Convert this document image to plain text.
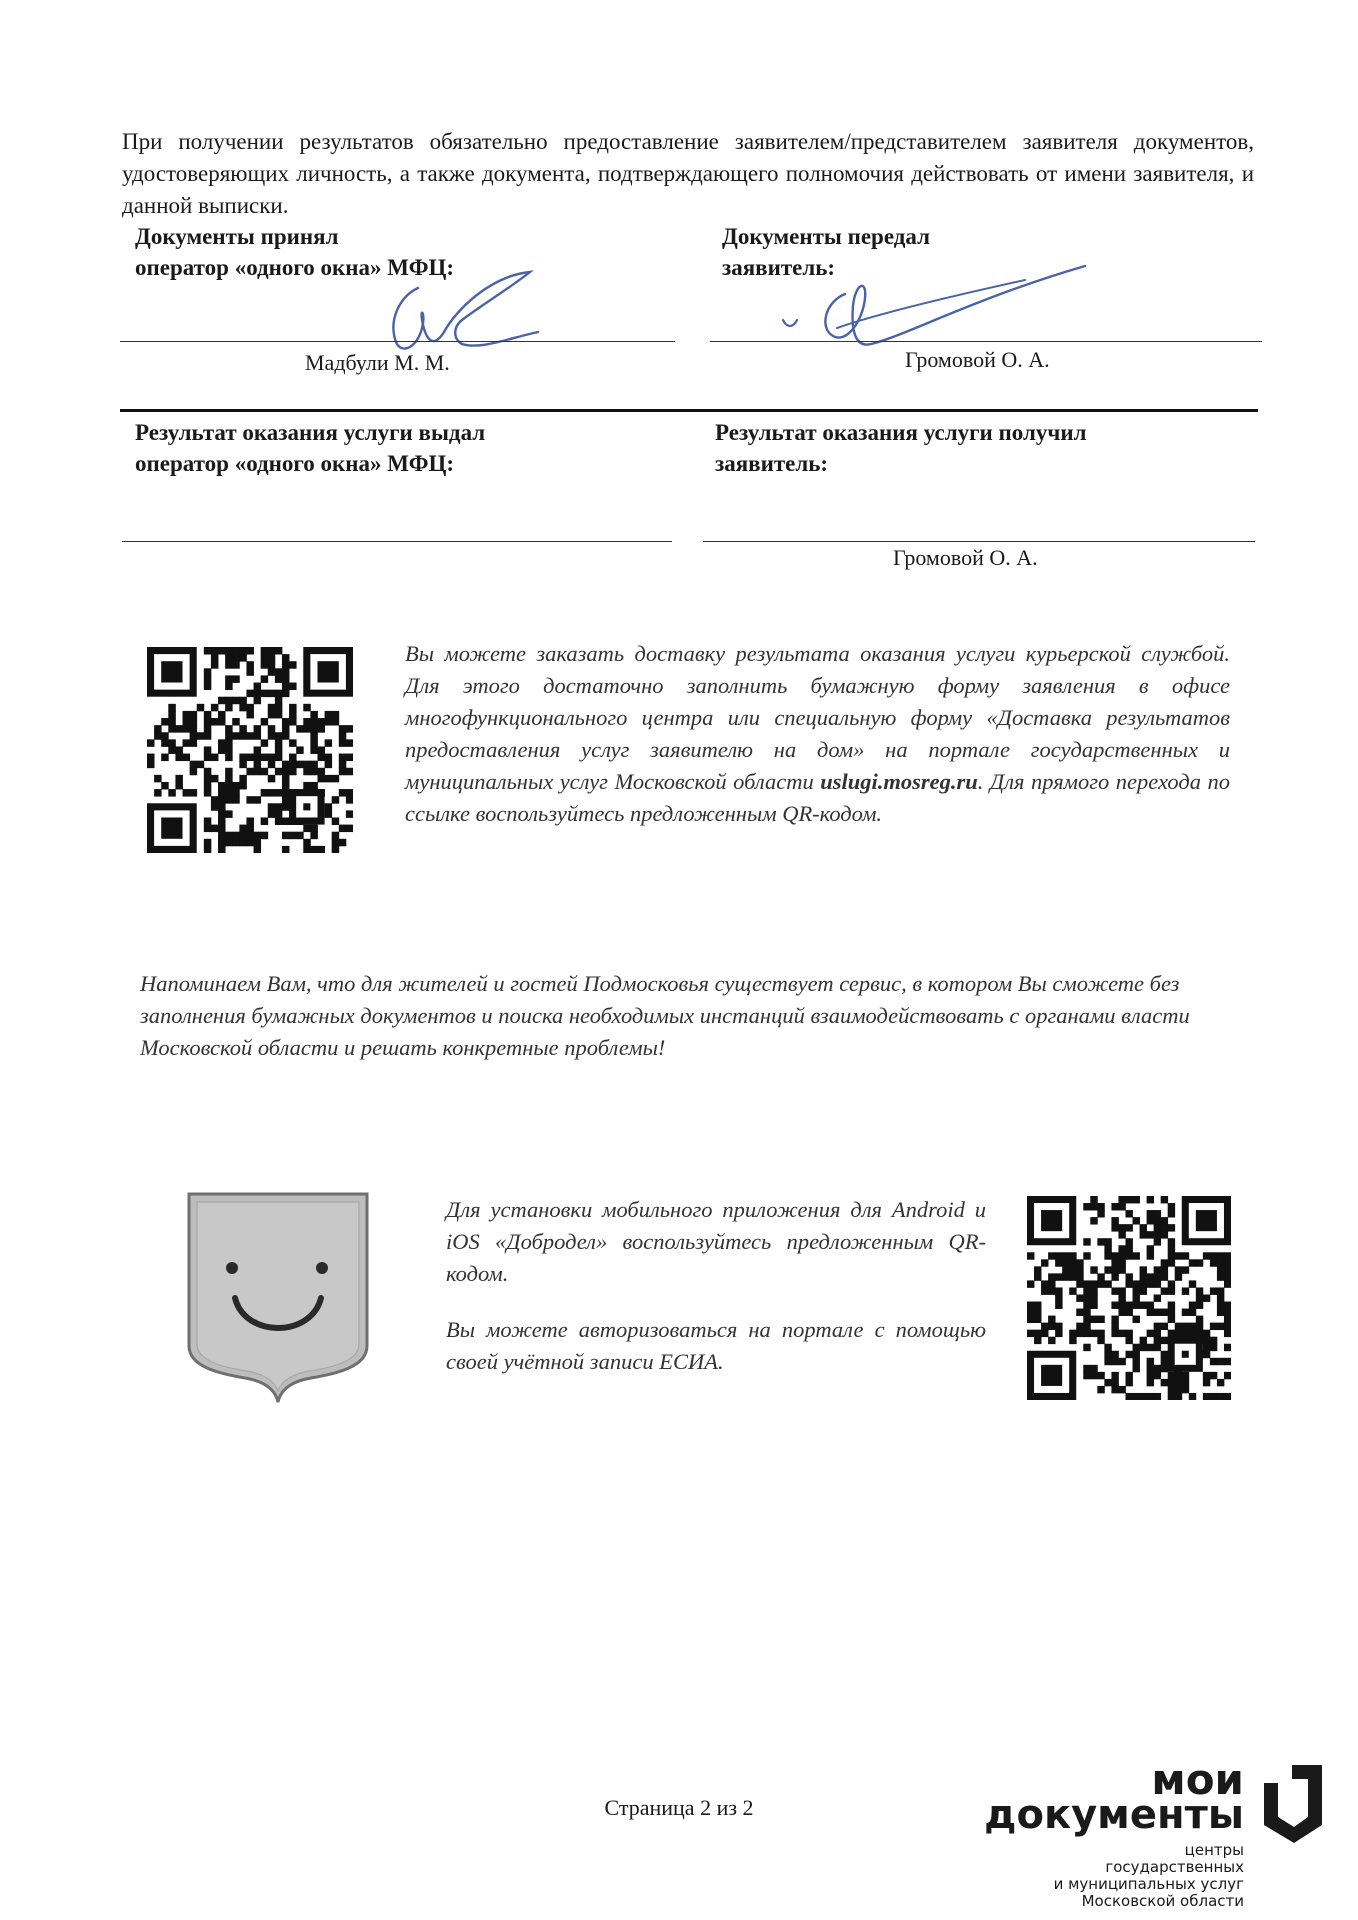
При получении результатов обязательно предоставление заявителем/представителем заявителя документов, удостоверяющих личность, а также документа, подтверждающего полномочия действовать от имени заявителя, и данной выписки.
Документы принял
оператор «одного окна» МФЦ:
Документы передал
заявитель:
Мадбули М. М.	Громовой О. А.
Результат оказания услуги выдал
оператор «одного окна» МФЦ:
Результат оказания услуги получил
заявитель:
Громовой О. А.
Вы можете заказать доставку результата оказания услуги курьерской службой. Для этого достаточно заполнить бумажную форму заявления в офисе многофункционального центра или специальную форму «Доставка результатов предоставления услуг заявителю на дом» на портале государственных и муниципальных услуг Московской области uslugi.mosreg.ru. Для прямого перехода по ссылке воспользуйтесь предложенным QR-кодом.
Напоминаем Вам, что для жителей и гостей Подмосковья существует сервис, в котором Вы сможете без заполнения бумажных документов и поиска необходимых инстанций взаимодействовать с органами власти Московской области и решать конкретные проблемы!
Для установки мобильного приложения для Android и iOS «Добродел» воспользуйтесь предложенным QR-кодом.
Вы можете авторизоваться на портале с помощью своей учётной записи ЕСИА.
Страница 2 из 2
мои
документы
центры
государственных
и муниципальных услуг
Московской области
